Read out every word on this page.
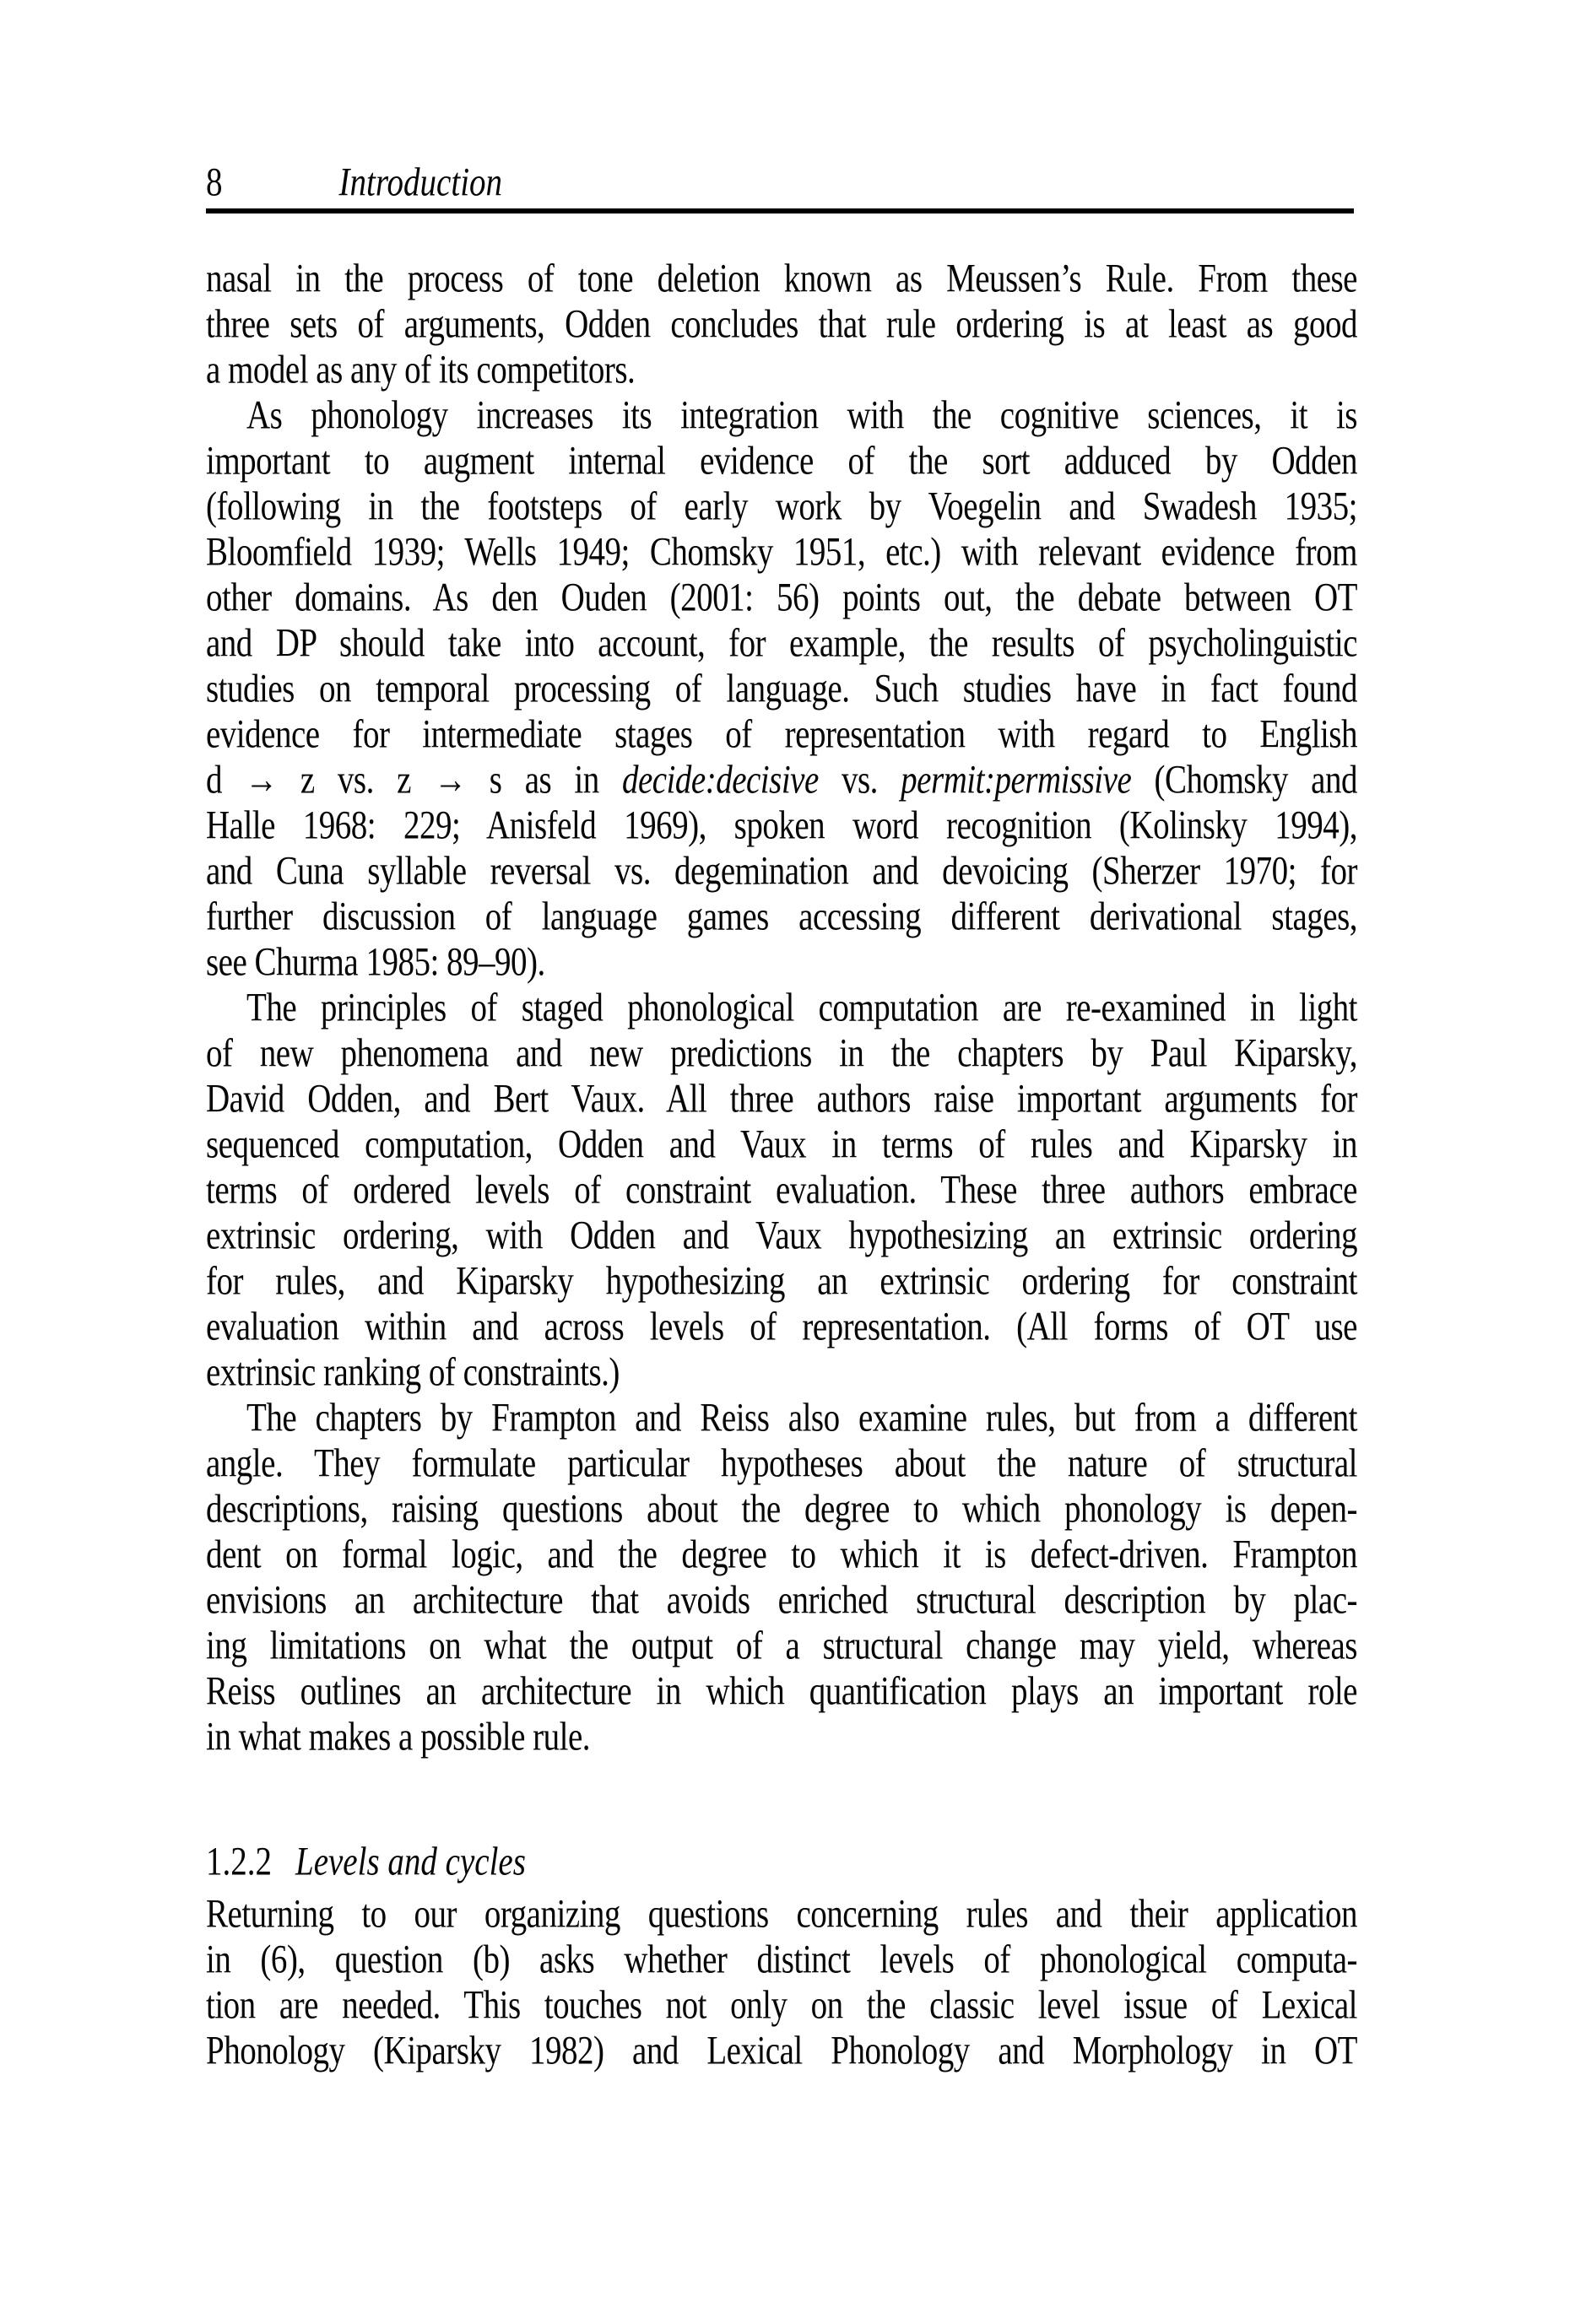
8	Introduction
nasal in the process of tone deletion known as Meussen’s Rule. From these
three sets of arguments, Odden concludes that rule ordering is at least as good
a model as any of its competitors.
As phonology increases its integration with the cognitive sciences, it is
important to augment internal evidence of the sort adduced by Odden
(following in the footsteps of early work by Voegelin and Swadesh 1935;
Bloomfield 1939; Wells 1949; Chomsky 1951, etc.) with relevant evidence from
other domains. As den Ouden (2001: 56) points out, the debate between OT
and DP should take into account, for example, the results of psycholinguistic
studies on temporal processing of language. Such studies have in fact found
evidence for intermediate stages of representation with regard to English
d → z vs. z → s as in decide:decisive vs. permit:permissive (Chomsky and
Halle 1968: 229; Anisfeld 1969), spoken word recognition (Kolinsky 1994),
and Cuna syllable reversal vs. degemination and devoicing (Sherzer 1970; for
further discussion of language games accessing different derivational stages,
see Churma 1985: 89–90).
The principles of staged phonological computation are re-examined in light
of new phenomena and new predictions in the chapters by Paul Kiparsky,
David Odden, and Bert Vaux. All three authors raise important arguments for
sequenced computation, Odden and Vaux in terms of rules and Kiparsky in
terms of ordered levels of constraint evaluation. These three authors embrace
extrinsic ordering, with Odden and Vaux hypothesizing an extrinsic ordering
for rules, and Kiparsky hypothesizing an extrinsic ordering for constraint
evaluation within and across levels of representation. (All forms of OT use
extrinsic ranking of constraints.)
The chapters by Frampton and Reiss also examine rules, but from a different
angle. They formulate particular hypotheses about the nature of structural
descriptions, raising questions about the degree to which phonology is depen-
dent on formal logic, and the degree to which it is defect-driven. Frampton
envisions an architecture that avoids enriched structural description by plac-
ing limitations on what the output of a structural change may yield, whereas
Reiss outlines an architecture in which quantification plays an important role
in what makes a possible rule.
1.2.2 Levels and cycles
Returning to our organizing questions concerning rules and their application
in (6), question (b) asks whether distinct levels of phonological computa-
tion are needed. This touches not only on the classic level issue of Lexical
Phonology (Kiparsky 1982) and Lexical Phonology and Morphology in OT
